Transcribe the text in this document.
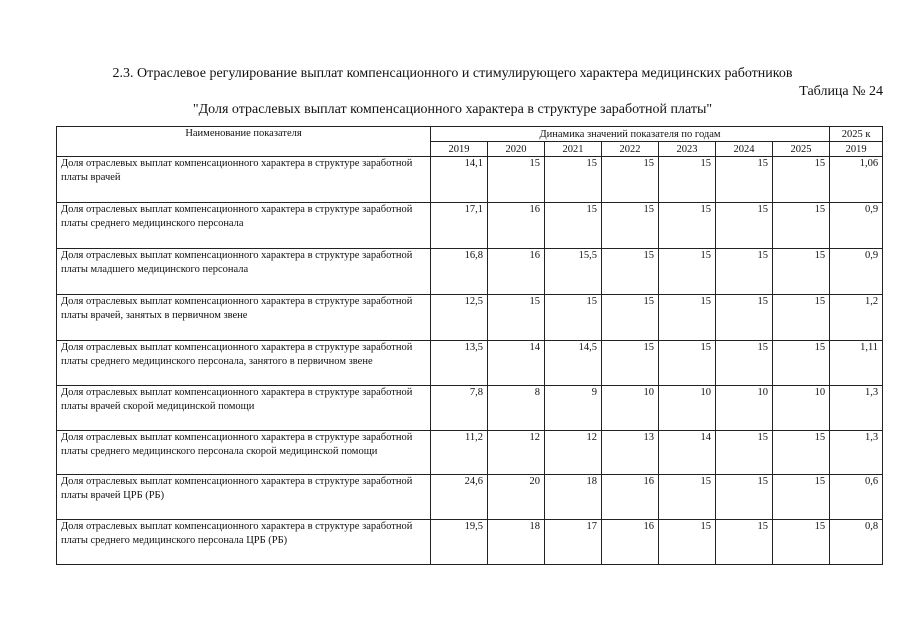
2.3. Отраслевое регулирование выплат компенсационного и стимулирующего характера медицинских работников
Таблица № 24
"Доля отраслевых выплат компенсационного характера в структуре заработной платы"
Наименование показателя	Динамика значений показателя по годам							2025 к
	2019	2020	2021	2022	2023	2024	2025	2019
Доля отраслевых выплат компенсационного характера в структуре заработной платы врачей	14,1	15	15	15	15	15	15	1,06
Доля отраслевых выплат компенсационного характера в структуре заработной платы среднего медицинского персонала	17,1	16	15	15	15	15	15	0,9
Доля отраслевых выплат компенсационного характера в структуре заработной платы младшего медицинского персонала	16,8	16	15,5	15	15	15	15	0,9
Доля отраслевых выплат компенсационного характера в структуре заработной платы врачей, занятых в первичном звене	12,5	15	15	15	15	15	15	1,2
Доля отраслевых выплат компенсационного характера в структуре заработной платы среднего медицинского персонала, занятого в первичном звене	13,5	14	14,5	15	15	15	15	1,11
Доля отраслевых выплат компенсационного характера в структуре заработной платы врачей скорой медицинской помощи	7,8	8	9	10	10	10	10	1,3
Доля отраслевых выплат компенсационного характера в структуре заработной платы среднего медицинского персонала скорой медицинской помощи	11,2	12	12	13	14	15	15	1,3
Доля отраслевых выплат компенсационного характера в структуре заработной платы врачей ЦРБ (РБ)	24,6	20	18	16	15	15	15	0,6
Доля отраслевых выплат компенсационного характера в структуре заработной платы среднего медицинского персонала ЦРБ (РБ)	19,5	18	17	16	15	15	15	0,8
